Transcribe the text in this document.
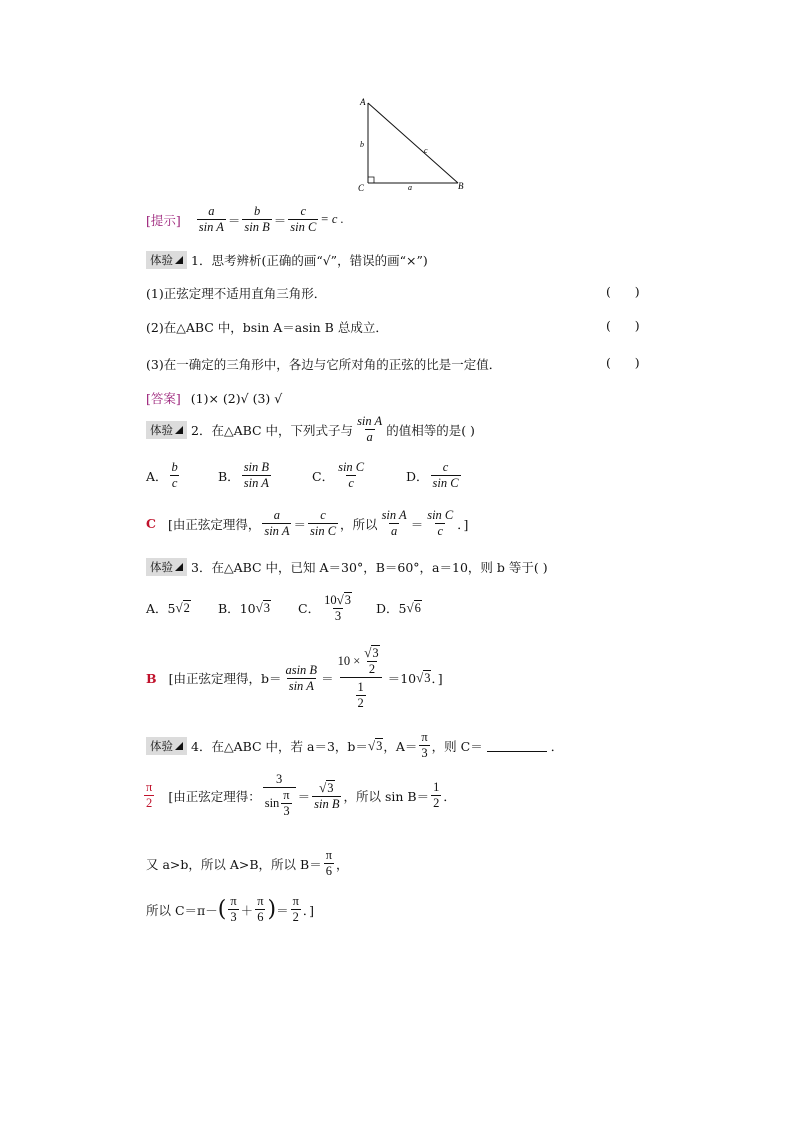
A
C	B
b
a
c
[提示] $\frac{a}{\text{sin A}} = \frac{b}{\text{sin B}} = \frac{c}{\text{sin C}} = c$ .
体验 1．思考辨析(正确的画“√”，错误的画“×”)
(1)正弦定理不适用直角三角形．	(      )
(2)在△ABC 中，bsin A＝asin B 总成立．	(      )
(3)在一确定的三角形中，各边与它所对角的正弦的比是一定值．	(      )
[答案] (1)× (2)√ (3) √
体验 2．在△ABC 中，下列式子与 $\frac{\text{sin A}}{a}$ 的值相等的是( )
A． $\frac{b}{c}$	B． $\frac{\text{sin B}}{\text{sin A}}$	C． $\frac{\text{sin C}}{c}$	D． $\frac{c}{\text{sin C}}$
C [由正弦定理得， $\frac{a}{\text{sin A}} = \frac{c}{\text{sin C}}$ ，所以 $\frac{\text{sin A}}{a} = \frac{\text{sin C}}{c}$ ．]
体验 3．在△ABC 中，已知 A＝30°，B＝60°，a＝10，则 b 等于( )
A． 5 √ 2 B． 10 √ 3 C． $\frac{10 √ 3}{3}$ D． 5 √ 6
B [由正弦定理得，$b= \frac{\text{asin B}}{\text{sin A}} = \frac{10 \times \frac{√ 3}{2}}{\frac{1}{2}} = 10$ √ 3 ．]
体验 4．在△ABC 中，若 a＝3，b＝ √ 3 ，$A= \frac{\pi}{3}$ ，则 C＝	．
$\frac{\pi}{2}$ [由正弦定理得： $\frac{3}{\sin \frac{\pi}{3}} = \frac{√ 3}{\text{sin B}}$ ，所以 $\sin B= \frac{1}{2}$ ．
又 a>b，所以 A>B，所以 $B= \frac{\pi}{6}$ ，
所以 C＝π－ ( $\frac{\pi}{3} + \frac{\pi}{6}$ ) ＝ $\frac{\pi}{2}$ ．]
